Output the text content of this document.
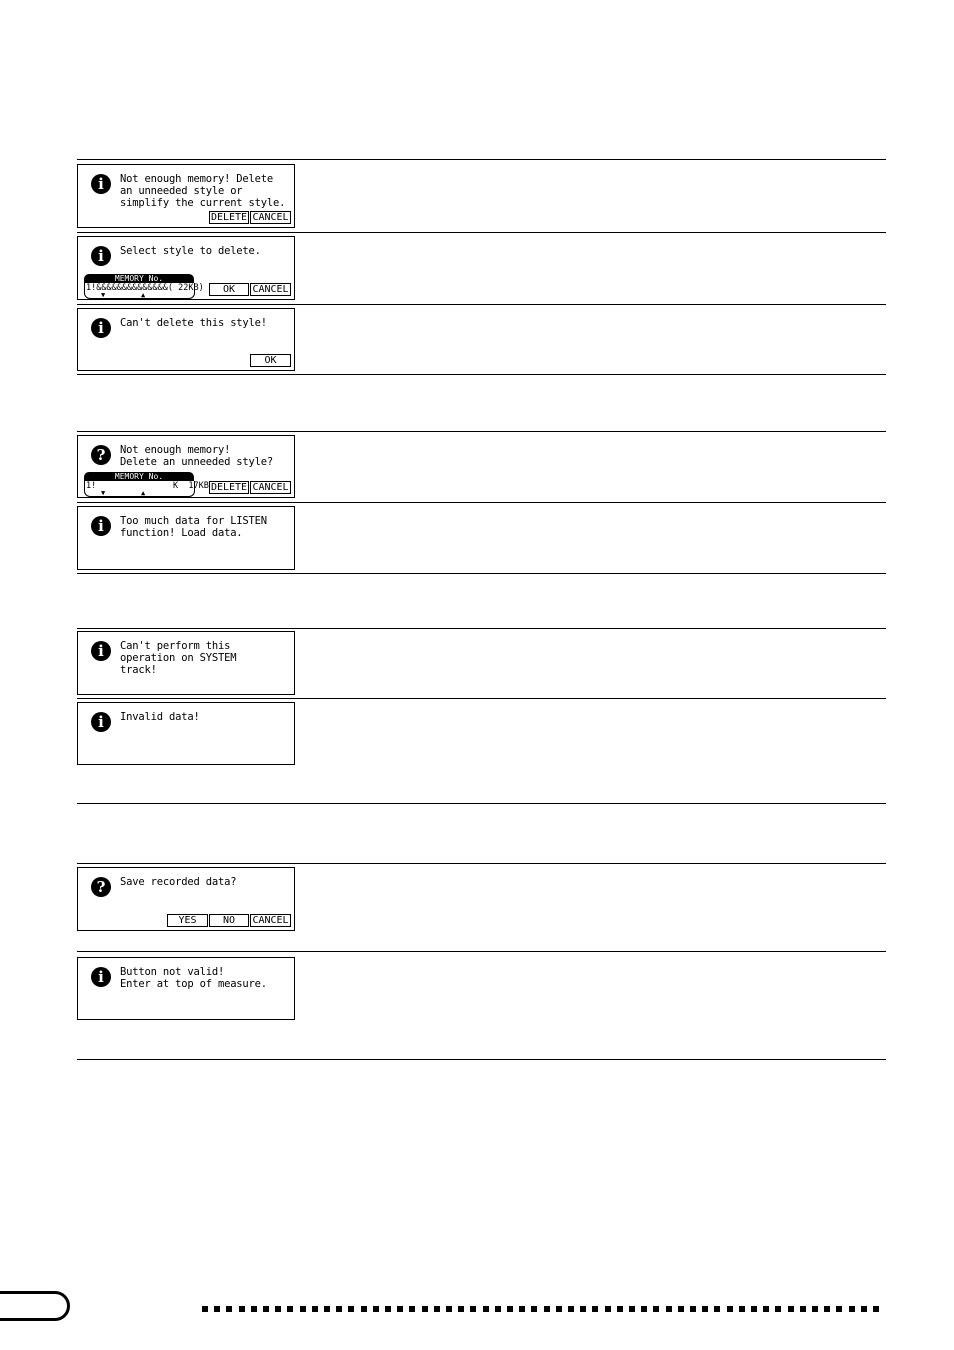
i	Not enough memory! Delete
an unneeded style or
simplify the current style.
DELETE CANCEL
i	Select style to delete.
MEMORY No.
1!&&&&&&&&&&&&&&( 22KB)
▼	▲	OK	CANCEL
i	Can't delete this style!
OK
?	Not enough memory!
Delete an unneeded style?
MEMORY No.
1!               K  17KB
▼	▲	DELETE CANCEL
i	Too much data for LISTEN
function! Load data.
i	Can't perform this
operation on SYSTEM
track!
i	Invalid data!
?	Save recorded data?
YES	NO	CANCEL
i	Button not valid!
Enter at top of measure.
